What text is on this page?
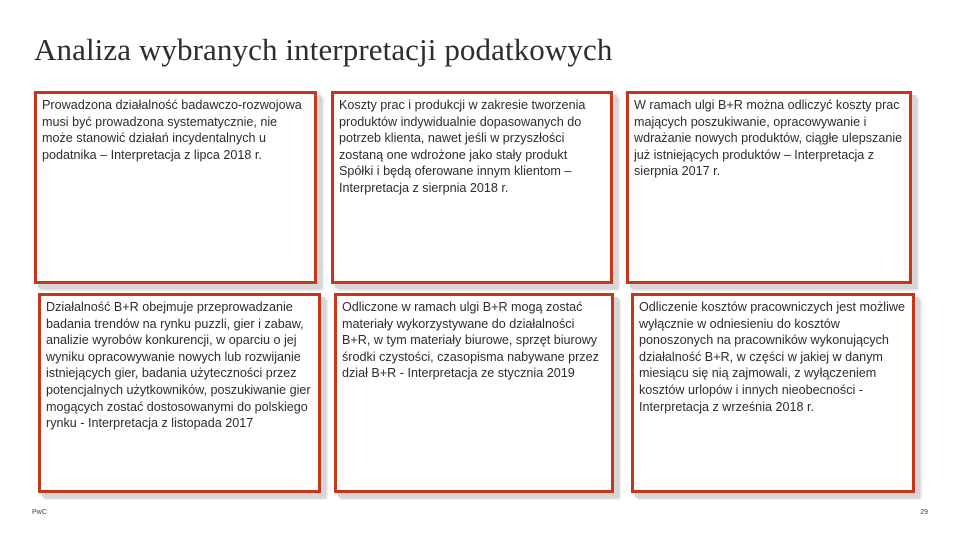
Analiza wybranych interpretacji podatkowych
Prowadzona działalność badawczo-rozwojowa musi być prowadzona systematycznie, nie może stanowić działań incydentalnych u podatnika – Interpretacja z lipca 2018 r.
Koszty prac i produkcji w zakresie tworzenia produktów indywidualnie dopasowanych do potrzeb klienta, nawet jeśli w przyszłości zostaną one wdrożone jako stały produkt Spółki i będą oferowane innym klientom – Interpretacja z sierpnia 2018 r.
W ramach ulgi B+R można odliczyć koszty prac mających poszukiwanie, opracowywanie i wdrażanie nowych produktów, ciągłe ulepszanie już istniejących produktów – Interpretacja z sierpnia 2017 r.
Działalność B+R obejmuje przeprowadzanie badania trendów na rynku puzzli, gier i zabaw, analizie wyrobów konkurencji, w oparciu o jej wyniku opracowywanie nowych lub rozwijanie istniejących gier, badania użyteczności przez potencjalnych użytkowników, poszukiwanie gier mogących zostać dostosowanymi do polskiego rynku - Interpretacja z listopada 2017
Odliczone w ramach ulgi B+R mogą zostać materiały wykorzystywane do działalności B+R, w tym materiały biurowe, sprzęt biurowy środki czystości, czasopisma nabywane przez dział B+R - Interpretacja ze stycznia 2019
Odliczenie kosztów pracowniczych jest możliwe wyłącznie w odniesieniu do kosztów ponoszonych na pracowników wykonujących działalność B+R, w części w jakiej w danym miesiącu się nią zajmowali, z wyłączeniem kosztów urlopów i innych nieobecności - Interpretacja z września 2018 r.
PwC	29
